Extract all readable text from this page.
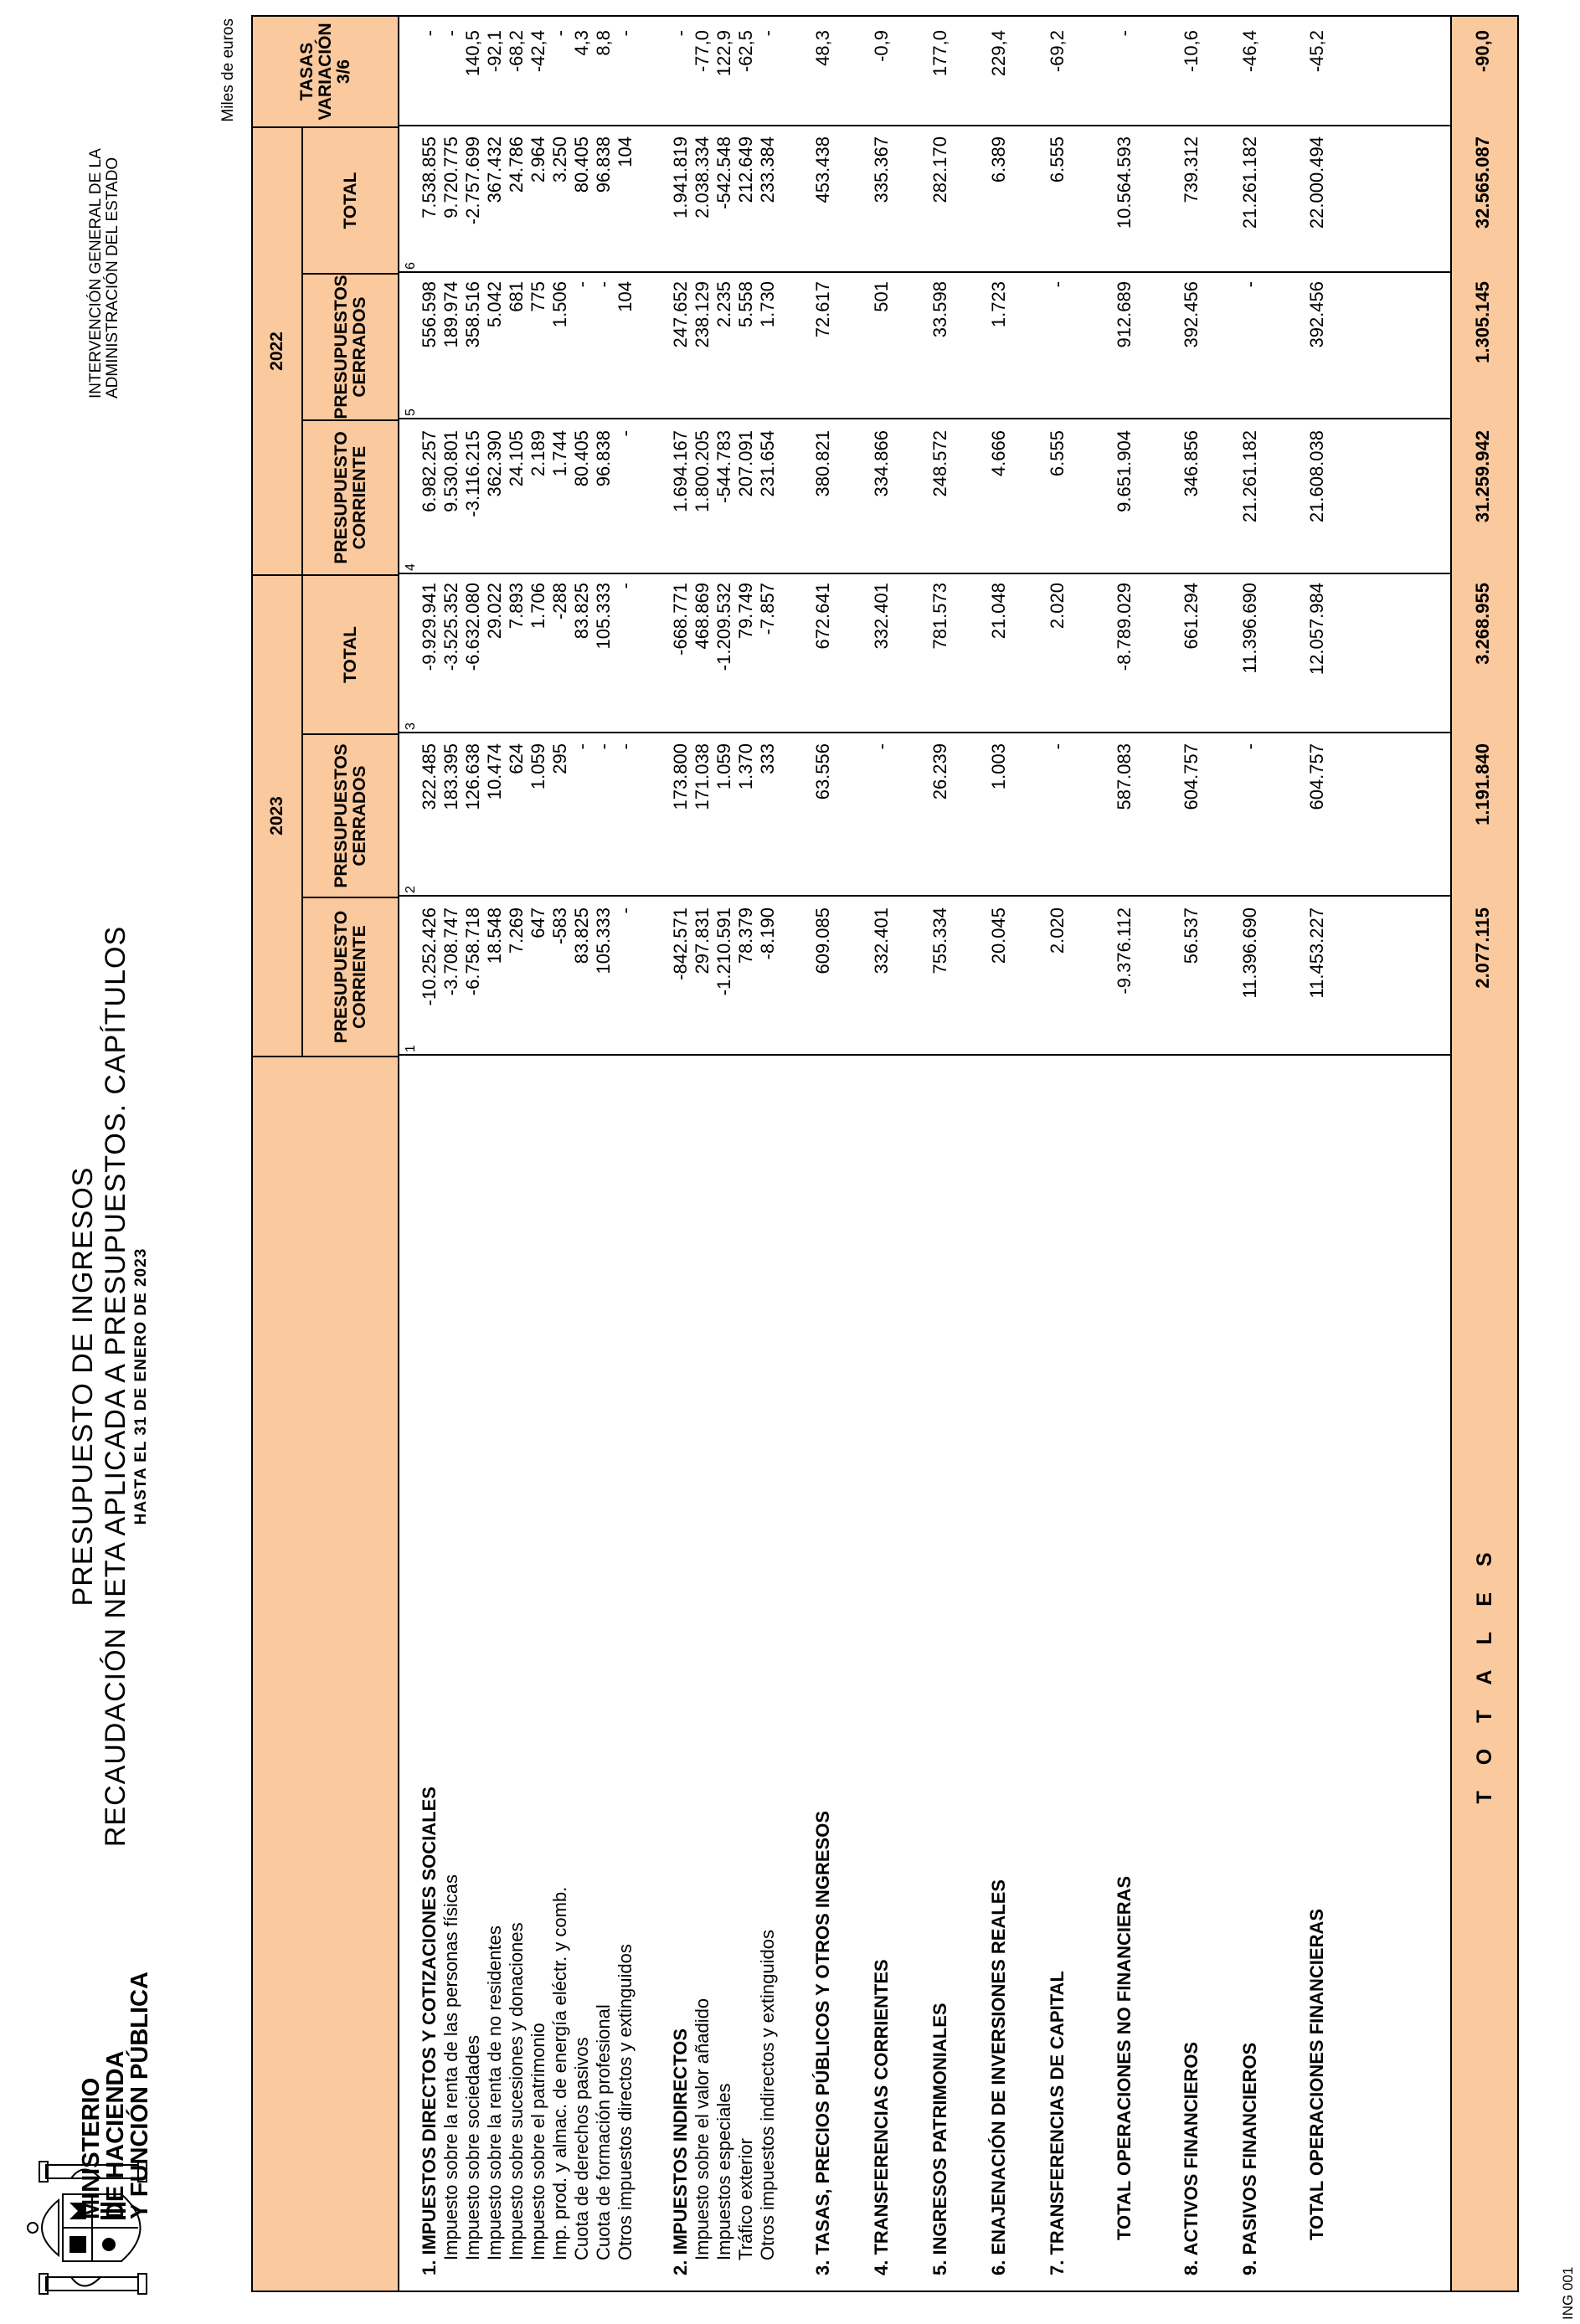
MINISTERIO
DE HACIENDA
Y FUNCIÓN PÚBLICA
PRESUPUESTO DE INGRESOS RECAUDACIÓN NETA APLICADA A PRESUPUESTOS. CAPÍTULOS HASTA EL 31 DE ENERO DE 2023
INTERVENCIÓN GENERAL DE LA ADMINISTRACIÓN DEL ESTADO
Miles de euros
ING 001
2023
2022
PRESUPUESTO
CORRIENTE
PRESUPUESTOS
CERRADOS
TOTAL
PRESUPUESTO
CORRIENTE
PRESUPUESTOS
CERRADOS
TOTAL
TASAS
VARIACIÓN
3/6
1
2
3
4
5
6
1. IMPUESTOS DIRECTOS Y COTIZACIONES SOCIALES
-10.252.426
322.485
-9.929.941
6.982.257
556.598
7.538.855
-
Impuesto sobre la renta de las personas físicas
-3.708.747
183.395
-3.525.352
9.530.801
189.974
9.720.775
-
Impuesto sobre sociedades
-6.758.718
126.638
-6.632.080
-3.116.215
358.516
-2.757.699
140,5
Impuesto sobre la renta de no residentes
18.548
10.474
29.022
362.390
5.042
367.432
-92,1
Impuesto sobre sucesiones y donaciones
7.269
624
7.893
24.105
681
24.786
-68,2
Impuesto sobre el patrimonio
647
1.059
1.706
2.189
775
2.964
-42,4
Imp. prod. y almac. de energía eléctr. y comb.
-583
295
-288
1.744
1.506
3.250
-
Cuota de derechos pasivos
83.825
-
83.825
80.405
-
80.405
4,3
Cuota de formación profesional
105.333
-
105.333
96.838
-
96.838
8,8
Otros impuestos directos y extinguidos
-
-
-
-
104
104
-
2. IMPUESTOS INDIRECTOS
-842.571
173.800
-668.771
1.694.167
247.652
1.941.819
-
Impuesto sobre el valor añadido
297.831
171.038
468.869
1.800.205
238.129
2.038.334
-77,0
Impuestos especiales
-1.210.591
1.059
-1.209.532
-544.783
2.235
-542.548
122,9
Tráfico exterior
78.379
1.370
79.749
207.091
5.558
212.649
-62,5
Otros impuestos indirectos y extinguidos
-8.190
333
-7.857
231.654
1.730
233.384
-
3. TASAS, PRECIOS PÚBLICOS Y OTROS INGRESOS
609.085
63.556
672.641
380.821
72.617
453.438
48,3
4. TRANSFERENCIAS CORRIENTES
332.401
-
332.401
334.866
501
335.367
-0,9
5. INGRESOS PATRIMONIALES
755.334
26.239
781.573
248.572
33.598
282.170
177,0
6. ENAJENACIÓN DE INVERSIONES REALES
20.045
1.003
21.048
4.666
1.723
6.389
229,4
7. TRANSFERENCIAS DE CAPITAL
2.020
-
2.020
6.555
-
6.555
-69,2
TOTAL OPERACIONES NO FINANCIERAS
-9.376.112
587.083
-8.789.029
9.651.904
912.689
10.564.593
-
8. ACTIVOS FINANCIEROS
56.537
604.757
661.294
346.856
392.456
739.312
-10,6
9. PASIVOS FINANCIEROS
11.396.690
-
11.396.690
21.261.182
-
21.261.182
-46,4
TOTAL OPERACIONES FINANCIERAS
11.453.227
604.757
12.057.984
21.608.038
392.456
22.000.494
-45,2
T O T A L E S
2.077.115
1.191.840
3.268.955
31.259.942
1.305.145
32.565.087
-90,0
